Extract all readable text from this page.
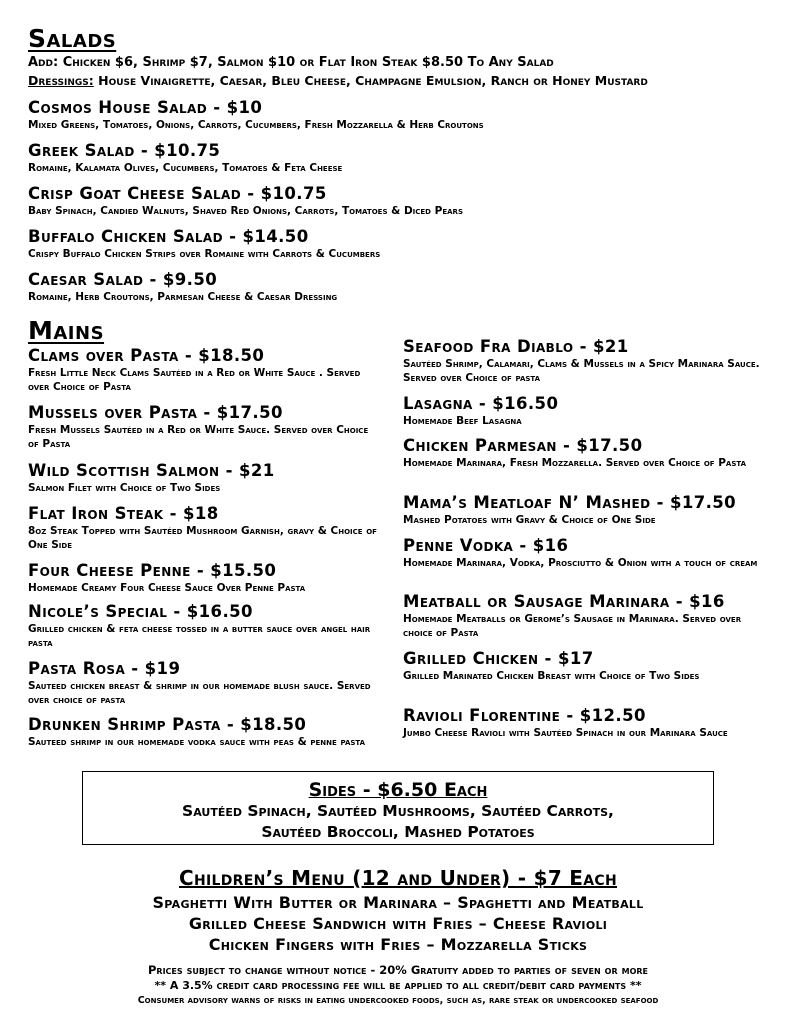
Salads
Add: Chicken $6, Shrimp $7, Salmon $10 or Flat Iron Steak $8.50 To Any Salad
Dressings: House Vinaigrette, Caesar, Bleu Cheese, Champagne Emulsion, Ranch or Honey Mustard
Cosmos House Salad - $10
Mixed Greens, Tomatoes, Onions, Carrots, Cucumbers, Fresh Mozzarella & Herb Croutons
Greek Salad - $10.75
Romaine, Kalamata Olives, Cucumbers, Tomatoes & Feta Cheese
Crisp Goat Cheese Salad - $10.75
Baby Spinach, Candied Walnuts, Shaved Red Onions, Carrots, Tomatoes & Diced Pears
Buffalo Chicken Salad - $14.50
Crispy Buffalo Chicken Strips over Romaine with Carrots & Cucumbers
Caesar Salad - $9.50
Romaine, Herb Croutons, Parmesan Cheese & Caesar Dressing
Mains
Clams over Pasta - $18.50
Fresh Little Neck Clams Sautéed in a Red or White Sauce . Served over Choice of Pasta
Mussels over Pasta - $17.50
Fresh Mussels Sautéed in a Red or White Sauce. Served over Choice of Pasta
Wild Scottish Salmon - $21
Salmon Filet with Choice of Two Sides
Flat Iron Steak - $18
8oz Steak Topped with Sautéed Mushroom Garnish, gravy & Choice of One Side
Four Cheese Penne - $15.50
Homemade Creamy Four Cheese Sauce Over Penne Pasta
Nicole’s Special - $16.50
Grilled chicken & feta cheese tossed in a butter sauce over angel hair pasta
Pasta Rosa - $19
Sauteed chicken breast & shrimp in our homemade blush sauce. Served over choice of pasta
Drunken Shrimp Pasta - $18.50
Sauteed shrimp in our homemade vodka sauce with peas & penne pasta
Seafood Fra Diablo - $21
Sautéed Shrimp, Calamari, Clams & Mussels in a Spicy Marinara Sauce. Served over Choice of pasta
Lasagna - $16.50
Homemade Beef Lasagna
Chicken Parmesan - $17.50
Homemade Marinara, Fresh Mozzarella. Served over Choice of Pasta
Mama’s Meatloaf N’ Mashed - $17.50
Mashed Potatoes with Gravy & Choice of One Side
Penne Vodka - $16
Homemade Marinara, Vodka, Prosciutto & Onion with a touch of cream
Meatball or Sausage Marinara - $16
Homemade Meatballs or Gerome’s Sausage in Marinara. Served over choice of Pasta
Grilled Chicken - $17
Grilled Marinated Chicken Breast with Choice of Two Sides
Ravioli Florentine - $12.50
Jumbo Cheese Ravioli with Sautéed Spinach in our Marinara Sauce
Sides - $6.50 Each
Sautéed Spinach, Sautéed Mushrooms, Sautéed Carrots,
Sautéed Broccoli, Mashed Potatoes
Children’s Menu (12 and Under) - $7 Each
Spaghetti With Butter or Marinara – Spaghetti and Meatball
Grilled Cheese Sandwich with Fries – Cheese Ravioli
Chicken Fingers with Fries – Mozzarella Sticks
Prices subject to change without notice - 20% Gratuity added to parties of seven or more
** A 3.5% credit card processing fee will be applied to all credit/debit card payments **
Consumer advisory warns of risks in eating undercooked foods, such as, rare steak or undercooked seafood
